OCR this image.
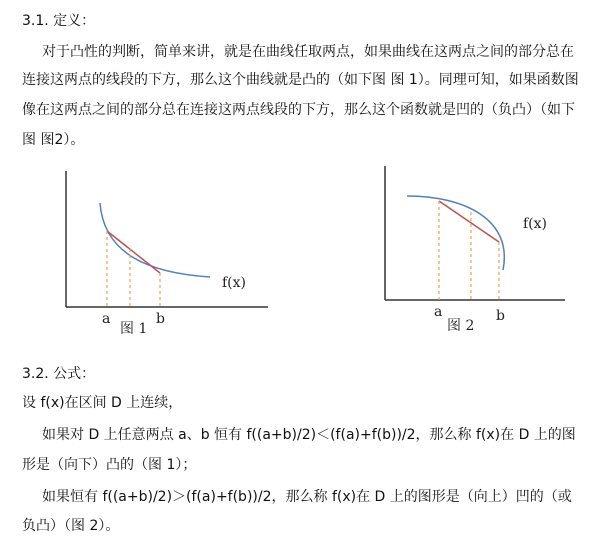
3.1. 定义：
对于凸性的判断，简单来讲，就是在曲线任取两点，如果曲线在这两点之间的部分总在
连接这两点的线段的下方，那么这个曲线就是凸的（如下图 图 1）。同理可知，如果函数图
像在这两点之间的部分总在连接这两点线段的下方，那么这个函数就是凹的（负凸）（如下
图 图2）。
f(x)
a	b
图 1
f(x)
a	b
图 2
3.2. 公式：
设 f(x)在区间 D 上连续，
如果对 D 上任意两点 a、b 恒有 f((a+b)/2)＜(f(a)+f(b))/2，那么称 f(x)在 D 上的图
形是（向下）凸的（图 1）；
如果恒有 f((a+b)/2)＞(f(a)+f(b))/2，那么称 f(x)在 D 上的图形是（向上）凹的（或
负凸）（图 2）。
